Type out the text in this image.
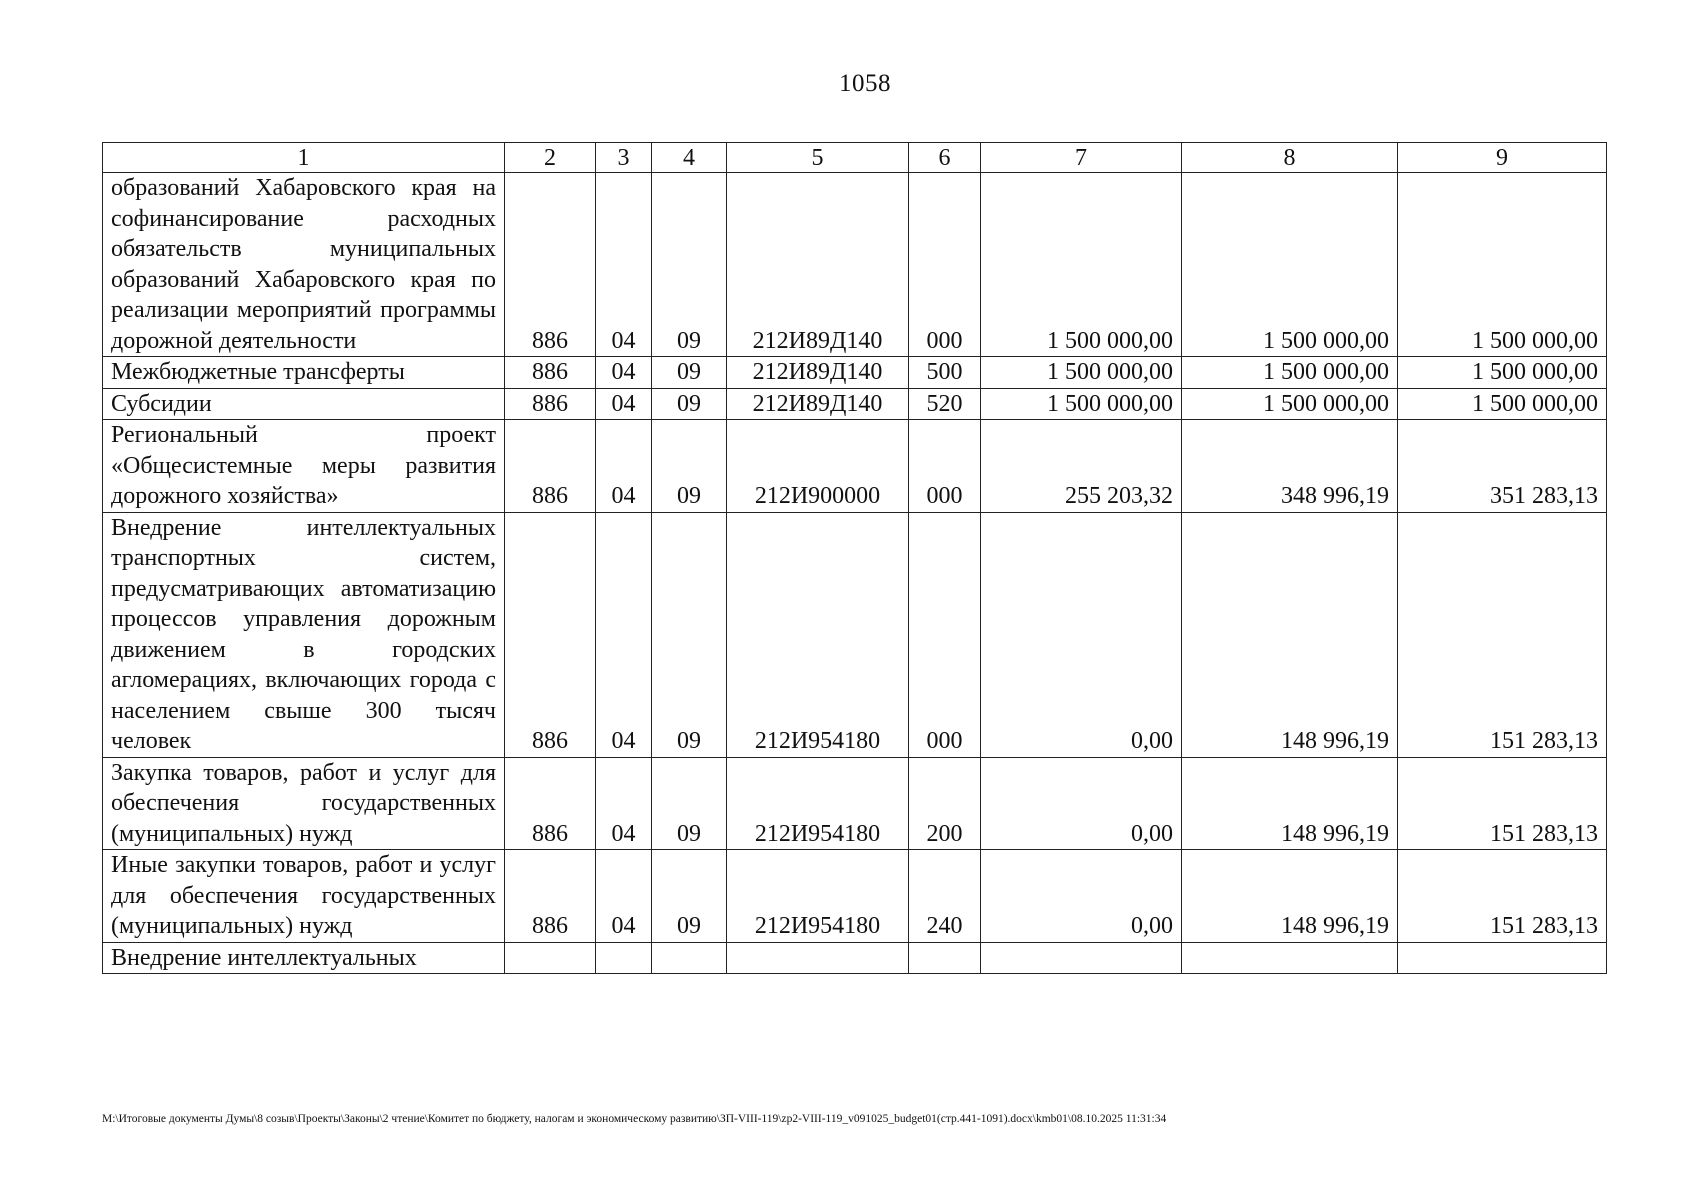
1058
1	2	3	4	5	6	7	8	9
образований Хабаровского края на софинансирование расходных обязательств муниципальных образований Хабаровского края по реализации мероприятий программы дорожной деятельности	886	04	09	212И89Д140	000	1 500 000,00	1 500 000,00	1 500 000,00
Межбюджетные трансферты	886	04	09	212И89Д140	500	1 500 000,00	1 500 000,00	1 500 000,00
Субсидии	886	04	09	212И89Д140	520	1 500 000,00	1 500 000,00	1 500 000,00
Региональный проект «Общесистемные меры развития дорожного хозяйства»	886	04	09	212И900000	000	255 203,32	348 996,19	351 283,13
Внедрение интеллектуальных транспортных систем, предусматривающих автоматизацию процессов управления дорожным движением в городских агломерациях, включающих города с населением свыше 300 тысяч человек	886	04	09	212И954180	000	0,00	148 996,19	151 283,13
Закупка товаров, работ и услуг для обеспечения государственных (муниципальных) нужд	886	04	09	212И954180	200	0,00	148 996,19	151 283,13
Иные закупки товаров, работ и услуг для обеспечения государственных (муниципальных) нужд	886	04	09	212И954180	240	0,00	148 996,19	151 283,13
Внедрение интеллектуальных								
M:\Итоговые документы Думы\8 созыв\Проекты\Законы\2 чтение\Комитет по бюджету, налогам и экономическому развитию\ЗП-VIII-119\zp2-VIII-119_v091025_budget01(стр.441-1091).docx\kmb01\08.10.2025 11:31:34
